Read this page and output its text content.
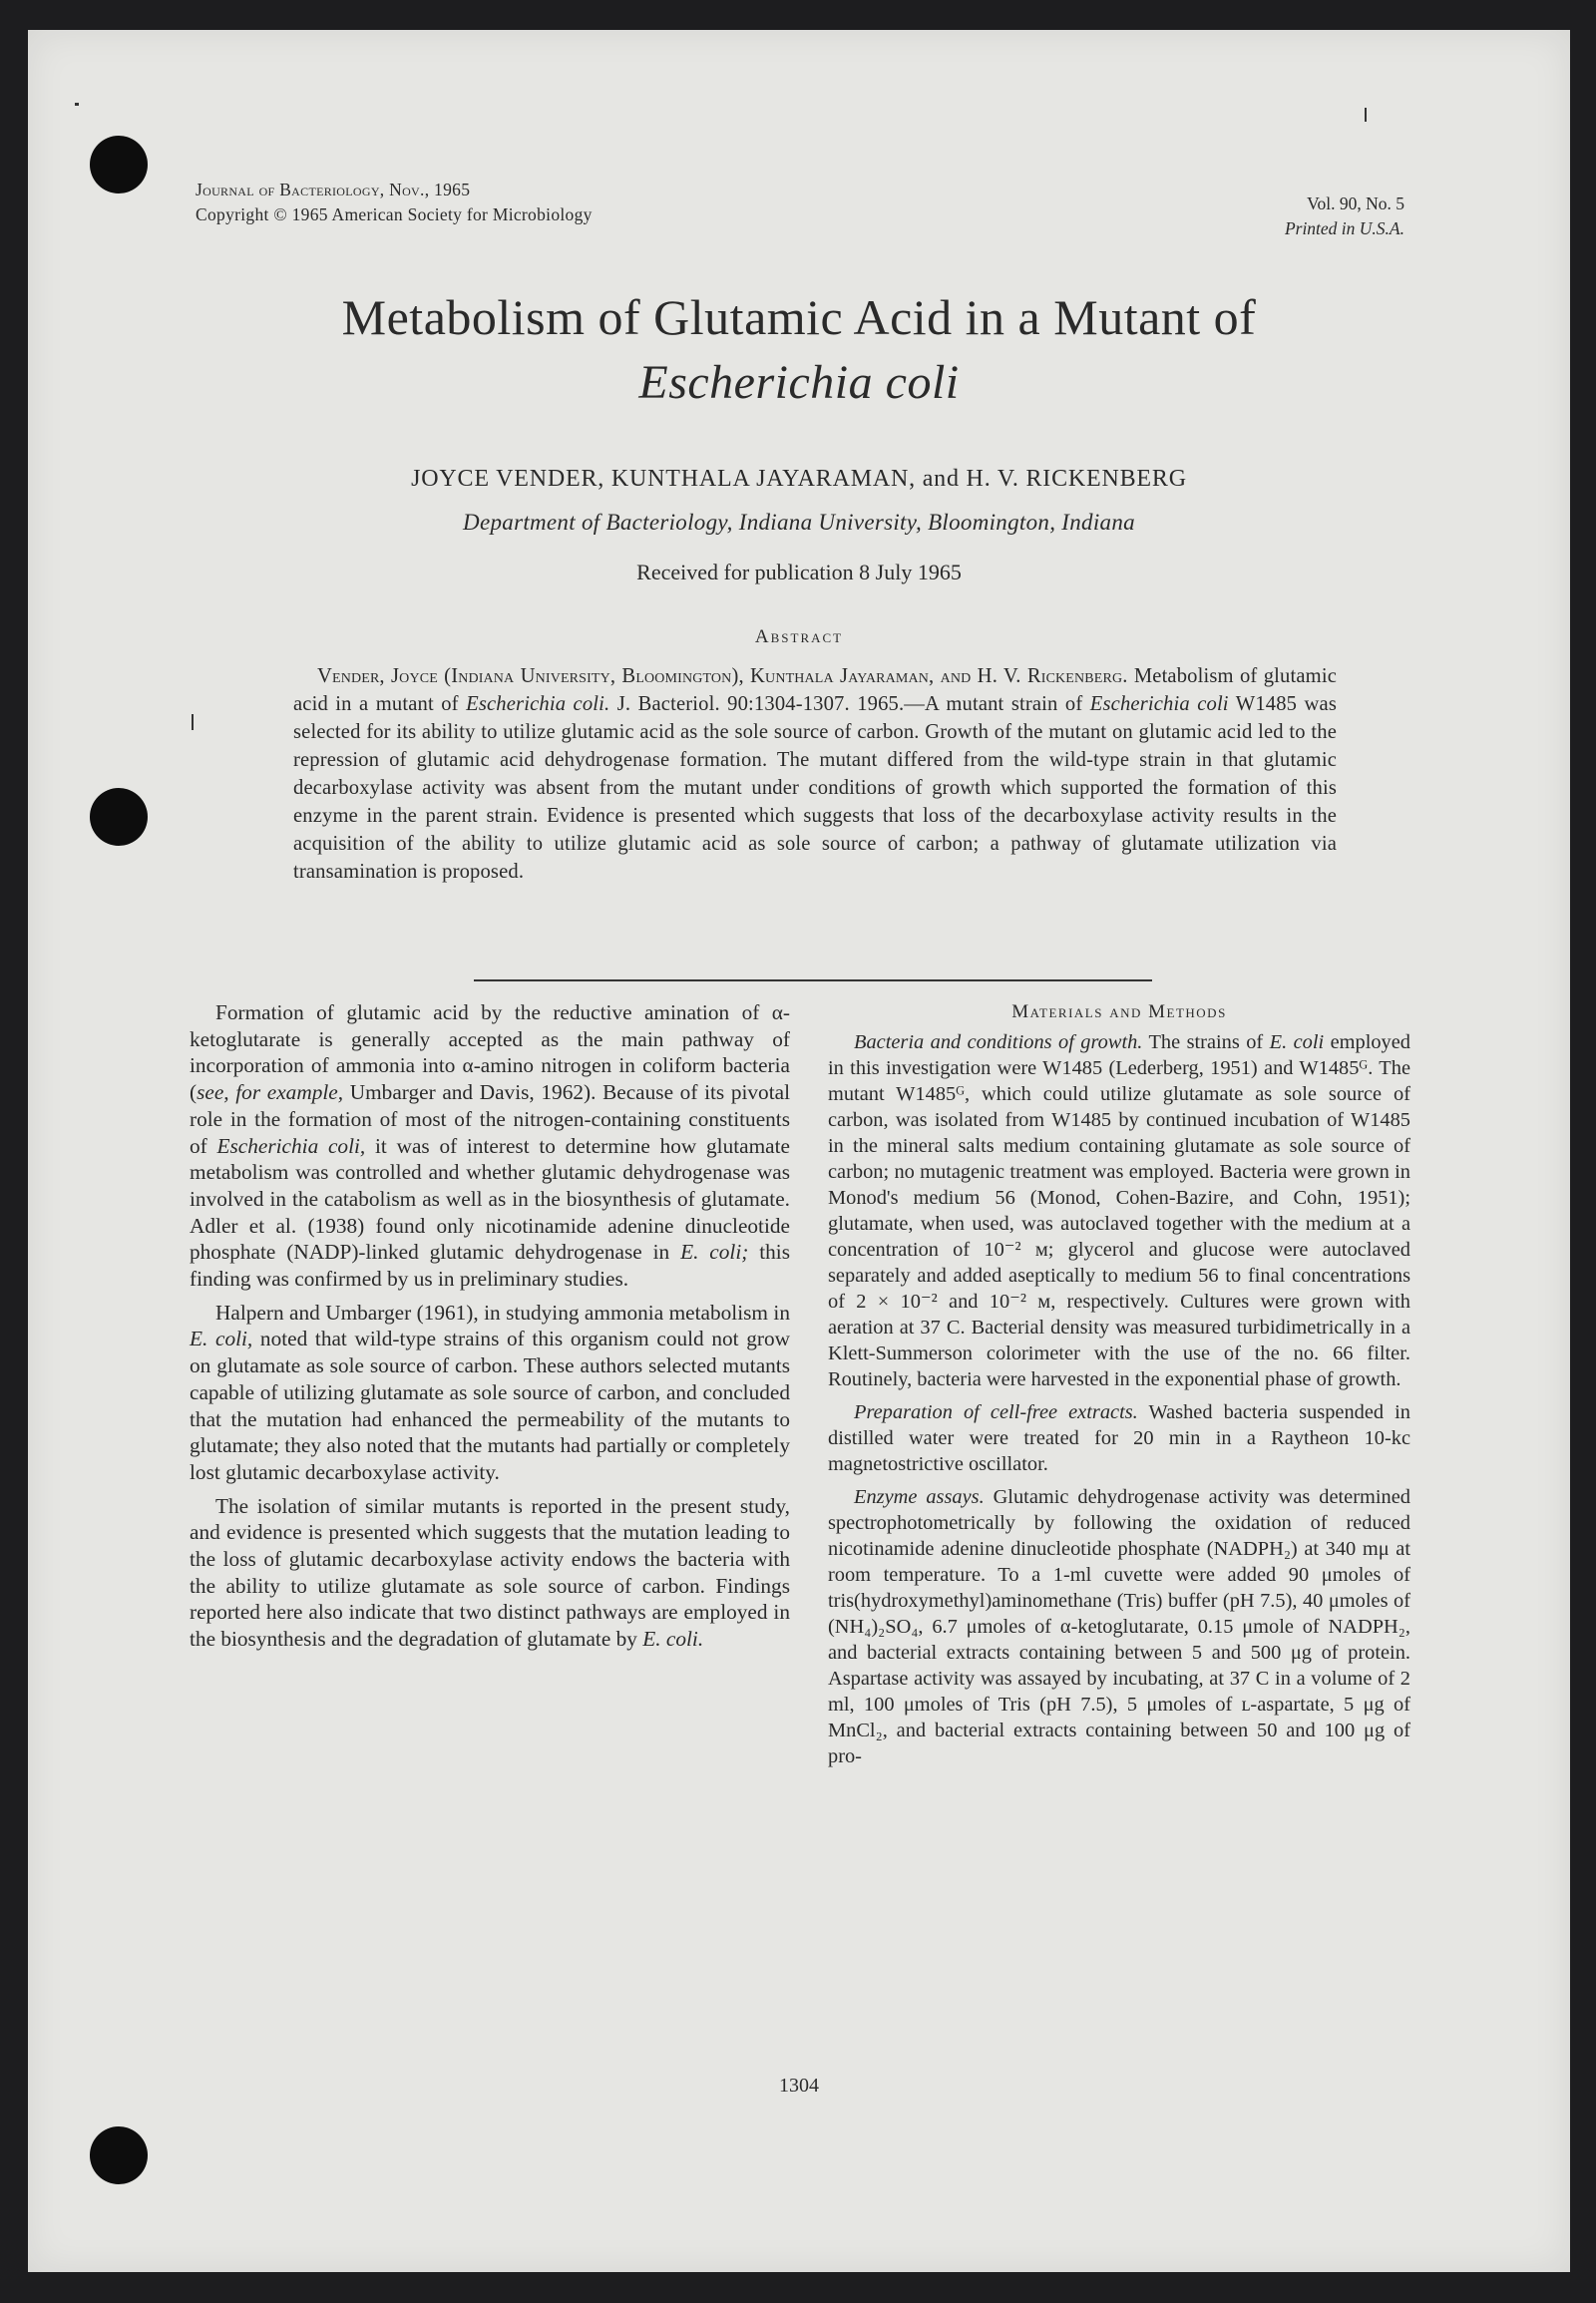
Journal of Bacteriology, Nov., 1965
Copyright © 1965 American Society for Microbiology
Vol. 90, No. 5
Printed in U.S.A.
Metabolism of Glutamic Acid in a Mutant of
Escherichia coli
JOYCE VENDER, KUNTHALA JAYARAMAN, and H. V. RICKENBERG
Department of Bacteriology, Indiana University, Bloomington, Indiana
Received for publication 8 July 1965
Abstract
Vender, Joyce (Indiana University, Bloomington), Kunthala Jayaraman, and H. V. Rickenberg. Metabolism of glutamic acid in a mutant of Escherichia coli. J. Bacteriol. 90:1304-1307. 1965.—A mutant strain of Escherichia coli W1485 was selected for its ability to utilize glutamic acid as the sole source of carbon. Growth of the mutant on glutamic acid led to the repression of glutamic acid dehydrogenase formation. The mutant differed from the wild-type strain in that glutamic decarboxylase activity was absent from the mutant under conditions of growth which supported the formation of this enzyme in the parent strain. Evidence is presented which suggests that loss of the decarboxylase activity results in the acquisition of the ability to utilize glutamic acid as sole source of carbon; a pathway of glutamate utilization via transamination is proposed.

Formation of glutamic acid by the reductive amination of α-ketoglutarate is generally accepted as the main pathway of incorporation of ammonia into α-amino nitrogen in coliform bacteria (see, for example, Umbarger and Davis, 1962). Because of its pivotal role in the formation of most of the nitrogen-containing constituents of Escherichia coli, it was of interest to determine how glutamate metabolism was controlled and whether glutamic dehydrogenase was involved in the catabolism as well as in the biosynthesis of glutamate. Adler et al. (1938) found only nicotinamide adenine dinucleotide phosphate (NADP)-linked glutamic dehydrogenase in E. coli; this finding was confirmed by us in preliminary studies.

Halpern and Umbarger (1961), in studying ammonia metabolism in E. coli, noted that wild-type strains of this organism could not grow on glutamate as sole source of carbon. These authors selected mutants capable of utilizing glutamate as sole source of carbon, and concluded that the mutation had enhanced the permeability of the mutants to glutamate; they also noted that the mutants had partially or completely lost glutamic decarboxylase activity.

The isolation of similar mutants is reported in the present study, and evidence is presented which suggests that the mutation leading to the loss of glutamic decarboxylase activity endows the bacteria with the ability to utilize glutamate as sole source of carbon. Findings reported here also indicate that two distinct pathways are employed in the biosynthesis and the degradation of glutamate by E. coli.

Materials and Methods

Bacteria and conditions of growth. The strains of E. coli employed in this investigation were W1485 (Lederberg, 1951) and W1485ᴳ. The mutant W1485ᴳ, which could utilize glutamate as sole source of carbon, was isolated from W1485 by continued incubation of W1485 in the mineral salts medium containing glutamate as sole source of carbon; no mutagenic treatment was employed. Bacteria were grown in Monod's medium 56 (Monod, Cohen-Bazire, and Cohn, 1951); glutamate, when used, was autoclaved together with the medium at a concentration of 10⁻² м; glycerol and glucose were autoclaved separately and added aseptically to medium 56 to final concentrations of 2 × 10⁻² and 10⁻² м, respectively. Cultures were grown with aeration at 37 C. Bacterial density was measured turbidimetrically in a Klett-Summerson colorimeter with the use of the no. 66 filter. Routinely, bacteria were harvested in the exponential phase of growth.

Preparation of cell-free extracts. Washed bacteria suspended in distilled water were treated for 20 min in a Raytheon 10-kc magnetostrictive oscillator.

Enzyme assays. Glutamic dehydrogenase activity was determined spectrophotometrically by following the oxidation of reduced nicotinamide adenine dinucleotide phosphate (NADPH₂) at 340 mμ at room temperature. To a 1-ml cuvette were added 90 μmoles of tris(hydroxymethyl)aminomethane (Tris) buffer (pH 7.5), 40 μmoles of (NH₄)₂SO₄, 6.7 μmoles of α-ketoglutarate, 0.15 μmole of NADPH₂, and bacterial extracts containing between 5 and 500 μg of protein. Aspartase activity was assayed by incubating, at 37 C in a volume of 2 ml, 100 μmoles of Tris (pH 7.5), 5 μmoles of ʟ-aspartate, 5 μg of MnCl₂, and bacterial extracts containing between 50 and 100 μg of pro-

1304
